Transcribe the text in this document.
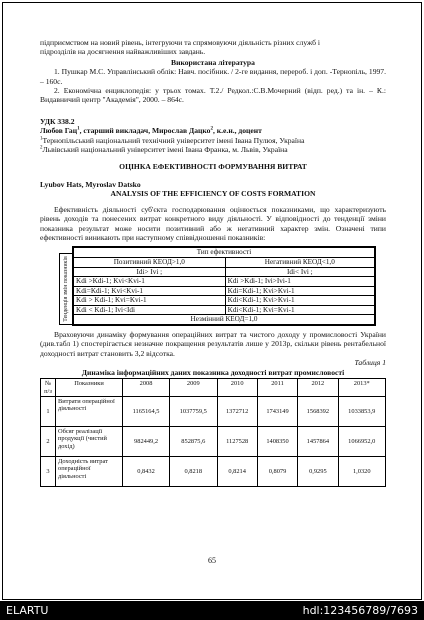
підприємством на новий рівень, інтегруючи та спрямовуючи діяльність різних служб і

підрозділів на досягнення найважливіших завдань.

Використана література

1. Пушкар М.С. Управлінський облік: Навч. посібник. / 2-ге видання, перероб. і доп. -Тернопіль, 1997. – 160с.

2. Економічна енциклопедія: у трьох томах. Т.2./ Редкол.:С.В.Мочерний (відп. ред.) та ін. – К.: Видавничий центр "Академія", 2000. – 864с.

УДК 338.2

Любов Гац$^1$, старший викладач, Мирослав Дацко$^2$, к.е.н., доцент

$^1$Тернопільський національний технічний університет імені Івана Пулюя, Україна

$^2$Львівський національний університет імені Івана Франка, м. Львів, Україна

ОЦІНКА ЕФЕКТИВНОСТІ ФОРМУВАННЯ ВИТРАТ

Lyubov Hats, Myroslav Datsko

ANALYSIS OF THE EFFICIENCY OF COSTS FORMATION

Ефективність діяльності суб'єкта господарювання оцінюється показниками, що характеризують рівень доходів та понесених витрат конкретного виду діяльності. У відповідності до тенденції зміни показника результат може носити позитивний або ж негативний характер змін. Означені типи ефективності виникають при наступному співвідношенні показників:

Тенденція змін показників
Тип ефективності	
Позитивний КЕОД>1,0	Негативний КЕОД<1,0
Іdі> Іvі ;	Іdі< Іvі ;
Kdi >Kdi-1; Kvi<Kvi-1	Kdi >Kdi-1; Ivi>Ivi-1
Kdi=Kdi-1; Kvi<Kvi-1	Kdi=Kdi-1; Kvi>Kvi-1
Kdi > Kdi-1; Kvi=Kvi-1	Kdi<Kdi-1; Kvi>Kvi-1
Kdi < Kdi-1; Ivi<Idi	Kdi<Kdi-1; Kvi=Kvi-1
Незмінний КЕОД=1,0	

Враховуючи динаміку формування операційних витрат та чистого доходу у промисловості України (див.табл 1) спостерігається незначне покращення результатів лише у 2013р, скільки рівень рентабельної доходності витрат становить 3,2 відсотка.

Таблиця 1

Динаміка інформаційних даних показника доходності витрат промисловості

№ п/з	Показники	2008	2009	2010	2011	2012	2013*
1	Витрати операційної діяльності	1165164,5	1037759,5	1372712	1743149	1568392	1033853,9
2	Обсяг реалізації продукції (чистий дохід)	982449,2	852875,6	1127528	1408350	1457864	1066952,0
3	Доходність витрат операційної діяльності	0,8432	0,8218	0,8214	0,8079	0,9295	1,0320
65
ELARTU	hdl:123456789/7693
